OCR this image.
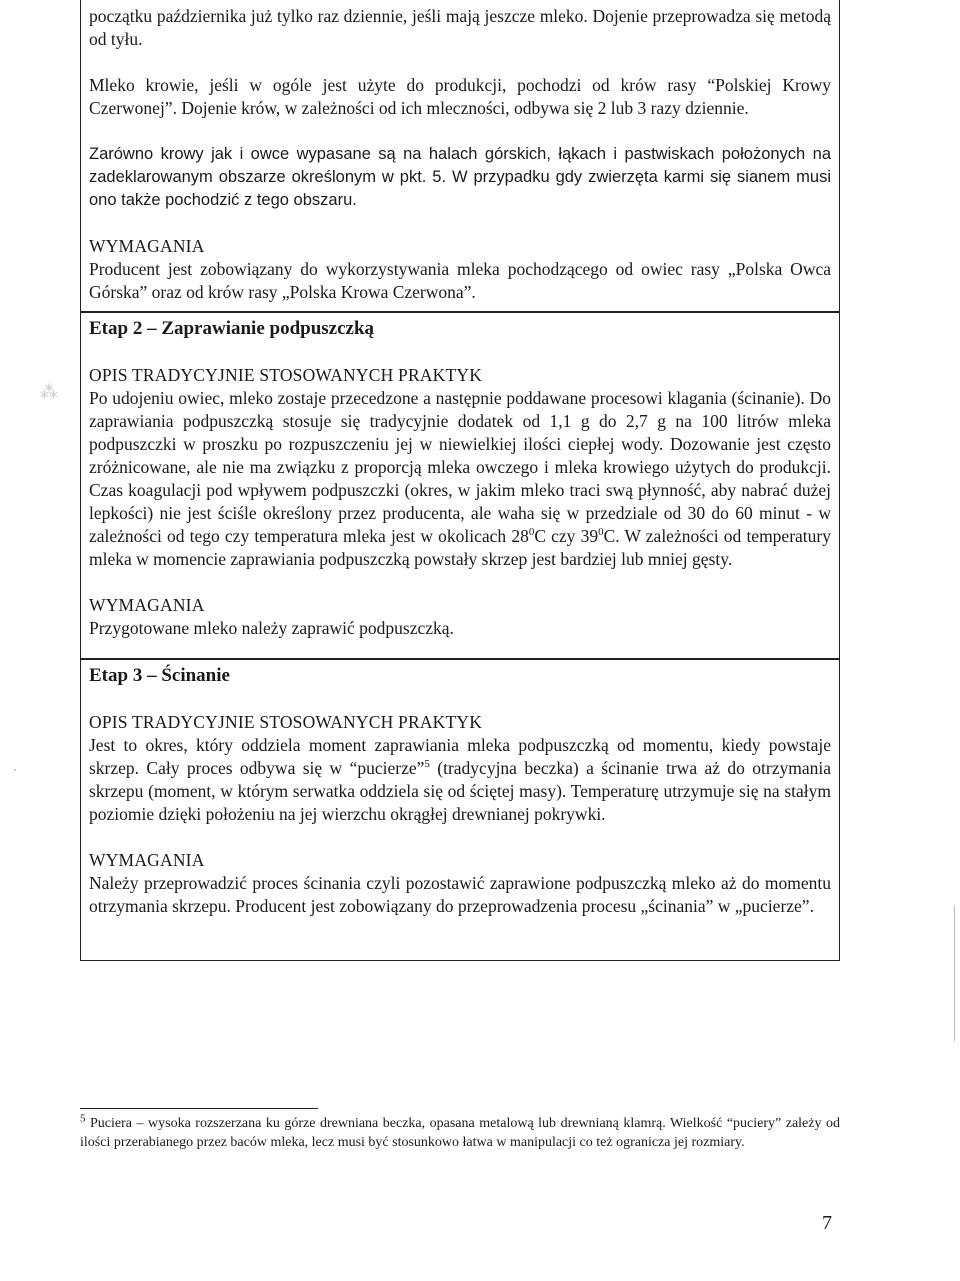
początku października już tylko raz dziennie, jeśli mają jeszcze mleko. Dojenie przeprowadza się metodą od tyłu.

Mleko krowie, jeśli w ogóle jest użyte do produkcji, pochodzi od krów rasy “Polskiej Krowy Czerwonej”. Dojenie krów, w zależności od ich mleczności, odbywa się 2 lub 3 razy dziennie.

Zarówno krowy jak i owce wypasane są na halach górskich, łąkach i pastwiskach położonych na zadeklarowanym obszarze określonym w pkt. 5. W przypadku gdy zwierzęta karmi się sianem musi ono także pochodzić z tego obszaru.

WYMAGANIA

Producent jest zobowiązany do wykorzystywania mleka pochodzącego od owiec rasy „Polska Owca Górska” oraz od krów rasy „Polska Krowa Czerwona”.

Etap 2 – Zaprawianie podpuszczką

OPIS TRADYCYJNIE STOSOWANYCH PRAKTYK

Po udojeniu owiec, mleko zostaje przecedzone a następnie poddawane procesowi klagania (ścinanie). Do zaprawiania podpuszczką stosuje się tradycyjnie dodatek od 1,1 g do 2,7 g na 100 litrów mleka podpuszczki w proszku po rozpuszczeniu jej w niewielkiej ilości ciepłej wody. Dozowanie jest często zróżnicowane, ale nie ma związku z proporcją mleka owczego i mleka krowiego użytych do produkcji. Czas koagulacji pod wpływem podpuszczki (okres, w jakim mleko traci swą płynność, aby nabrać dużej lepkości) nie jest ściśle określony przez producenta, ale waha się w przedziale od 30 do 60 minut - w zależności od tego czy temperatura mleka jest w okolicach $28^0C$ czy $39^0C$. W zależności od temperatury mleka w momencie zaprawiania podpuszczką powstały skrzep jest bardziej lub mniej gęsty.

WYMAGANIA

Przygotowane mleko należy zaprawić podpuszczką.

Etap 3 – Ścinanie

OPIS TRADYCYJNIE STOSOWANYCH PRAKTYK

Jest to okres, który oddziela moment zaprawiania mleka podpuszczką od momentu, kiedy powstaje skrzep. Cały proces odbywa się w “pucierze”$^5$ (tradycyjna beczka) a ścinanie trwa aż do otrzymania skrzepu (moment, w którym serwatka oddziela się od ściętej masy). Temperaturę utrzymuje się na stałym poziomie dzięki położeniu na jej wierzchu okrągłej drewnianej pokrywki.

WYMAGANIA

Należy przeprowadzić proces ścinania czyli pozostawić zaprawione podpuszczką mleko aż do momentu otrzymania skrzepu. Producent jest zobowiązany do przeprowadzenia procesu „ścinania” w „pucierze”.

$^5$ Puciera – wysoka rozszerzana ku górze drewniana beczka, opasana metalową lub drewnianą klamrą. Wielkość “puciery” zależy od ilości przerabianego przez baców mleka, lecz musi być stosunkowo łatwa w manipulacji co też ogranicza jej rozmiary.
7
⁂
·
